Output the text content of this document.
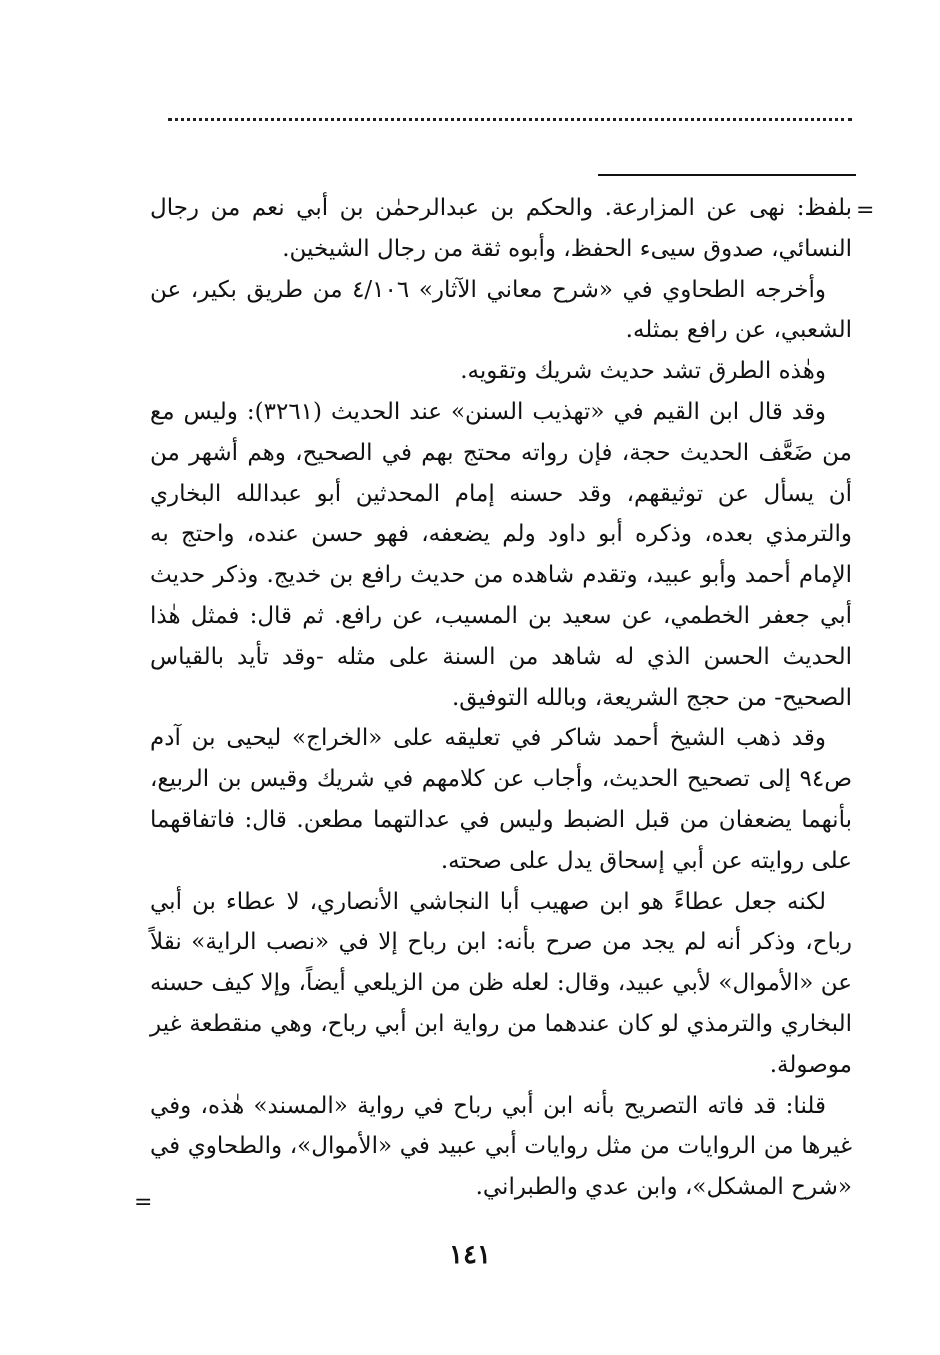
=

بلفظ: نهى عن المزارعة. والحكم بن عبدالرحمٰن بن أبي نعم من رجال النسائي، صدوق سيىء الحفظ، وأبوه ثقة من رجال الشيخين.

وأخرجه الطحاوي في «شرح معاني الآثار» ٤/١٠٦ من طريق بكير، عن الشعبي، عن رافع بمثله.

وهٰذه الطرق تشد حديث شريك وتقويه.

وقد قال ابن القيم في «تهذيب السنن» عند الحديث (٣٢٦١): وليس مع من ضَعَّف الحديث حجة، فإن رواته محتج بهم في الصحيح، وهم أشهر من أن يسأل عن توثيقهم، وقد حسنه إمام المحدثين أبو عبدالله البخاري والترمذي بعده، وذكره أبو داود ولم يضعفه، فهو حسن عنده، واحتج به الإمام أحمد وأبو عبيد، وتقدم شاهده من حديث رافع بن خديج. وذكر حديث أبي جعفر الخطمي، عن سعيد بن المسيب، عن رافع. ثم قال: فمثل هٰذا الحديث الحسن الذي له شاهد من السنة على مثله -وقد تأيد بالقياس الصحيح- من حجج الشريعة، وبالله التوفيق.

وقد ذهب الشيخ أحمد شاكر في تعليقه على «الخراج» ليحيى بن آدم ص٩٤ إلى تصحيح الحديث، وأجاب عن كلامهم في شريك وقيس بن الربيع، بأنهما يضعفان من قبل الضبط وليس في عدالتهما مطعن. قال: فاتفاقهما على روايته عن أبي إسحاق يدل على صحته.

لكنه جعل عطاءً هو ابن صهيب أبا النجاشي الأنصاري، لا عطاء بن أبي رباح، وذكر أنه لم يجد من صرح بأنه: ابن رباح إلا في «نصب الراية» نقلاً عن «الأموال» لأبي عبيد، وقال: لعله ظن من الزيلعي أيضاً، وإلا كيف حسنه البخاري والترمذي لو كان عندهما من رواية ابن أبي رباح، وهي منقطعة غير موصولة.

قلنا: قد فاته التصريح بأنه ابن أبي رباح في رواية «المسند» هٰذه، وفي غيرها من الروايات من مثل روايات أبي عبيد في «الأموال»، والطحاوي في «شرح المشكل»، وابن عدي والطبراني.

=
١٤١
